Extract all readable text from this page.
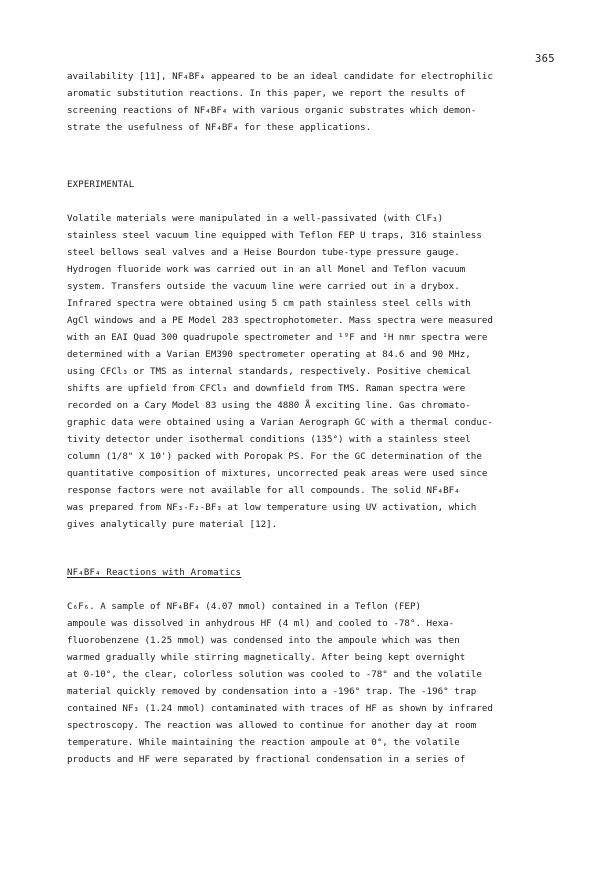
365
availability [11], NF₄BF₄ appeared to be an ideal candidate for electrophilic
aromatic substitution reactions. In this paper, we report the results of
screening reactions of NF₄BF₄ with various organic substrates which demon-
strate the usefulness of NF₄BF₄ for these applications.
EXPERIMENTAL
Volatile materials were manipulated in a well-passivated (with ClF₃)
stainless steel vacuum line equipped with Teflon FEP U traps, 316 stainless
steel bellows seal valves and a Heise Bourdon tube-type pressure gauge.
Hydrogen fluoride work was carried out in an all Monel and Teflon vacuum
system. Transfers outside the vacuum line were carried out in a drybox.
Infrared spectra were obtained using 5 cm path stainless steel cells with
AgCl windows and a PE Model 283 spectrophotometer. Mass spectra were measured
with an EAI Quad 300 quadrupole spectrometer and ¹⁹F and ¹H nmr spectra were
determined with a Varian EM390 spectrometer operating at 84.6 and 90 MHz,
using CFCl₃ or TMS as internal standards, respectively. Positive chemical
shifts are upfield from CFCl₃ and downfield from TMS. Raman spectra were
recorded on a Cary Model 83 using the 4880 Å exciting line. Gas chromato-
graphic data were obtained using a Varian Aerograph GC with a thermal conduc-
tivity detector under isothermal conditions (135°) with a stainless steel
column (1/8" X 10') packed with Poropak PS. For the GC determination of the
quantitative composition of mixtures, uncorrected peak areas were used since
response factors were not available for all compounds. The solid NF₄BF₄
was prepared from NF₃-F₂-BF₃ at low temperature using UV activation, which
gives analytically pure material [12].
NF₄BF₄ Reactions with Aromatics
C₆F₆. A sample of NF₄BF₄ (4.07 mmol) contained in a Teflon (FEP)
ampoule was dissolved in anhydrous HF (4 ml) and cooled to -78°. Hexa-
fluorobenzene (1.25 mmol) was condensed into the ampoule which was then
warmed gradually while stirring magnetically. After being kept overnight
at 0-10°, the clear, colorless solution was cooled to -78° and the volatile
material quickly removed by condensation into a -196° trap. The -196° trap
contained NF₃ (1.24 mmol) contaminated with traces of HF as shown by infrared
spectroscopy. The reaction was allowed to continue for another day at room
temperature. While maintaining the reaction ampoule at 0°, the volatile
products and HF were separated by fractional condensation in a series of
